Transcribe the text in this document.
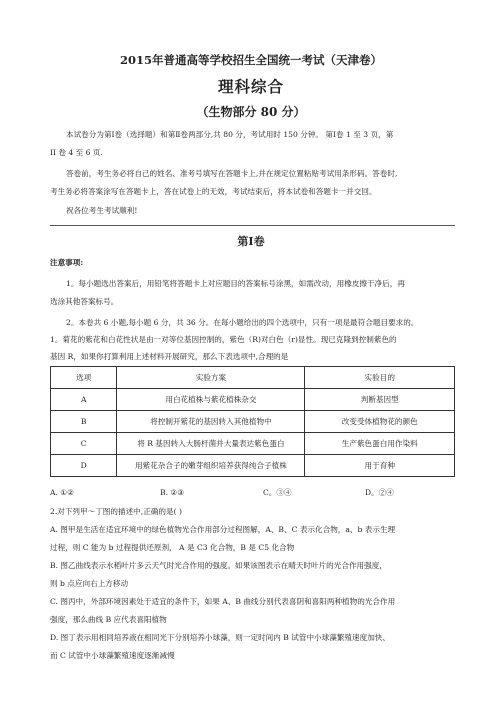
2015年普通高等学校招生全国统一考试（天津卷）
理科综合
（生物部分 80 分）
本试卷分为第Ⅰ卷（选择题）和第Ⅱ卷两部分,共 80 分，考试用时 150 分钟。 第Ⅰ卷 1 至 3 页，第
II 卷 4 至 6 页.
答卷前，考生务必将自己的姓名、准考号填写在答题卡上,并在规定位置粘贴考试用条形码。答卷时,
考生务必将答案涂写在答题卡上，答在试卷上的无效，考试结束后，将本试卷和答题卡一并交回。
祝各位考生考试顺利!
第Ⅰ卷
注意事项:
1。每小题选出答案后，用铅笔将答题卡上对应题目的答案标号涂黑，如需改动，用橡皮擦干净后，再
选涂其他答案标号。
2。本卷共 6 小题,每小题 6 分，共 36 分。在每小题给出的四个选项中，只有一项是最符合题目要求的。
1。菊花的紫花和白花性状是由一对等位基因控制的，紫色（R)对白色（r)显性。现已克隆到控制紫色的
基因 R，如果你打算利用上述材料开展研究，那么下表选项中,合理的是
选项	实验方案	实验目的
A	用白花植株与紫花植株杂交	判断基因型
B	将控制开紫花的基因转入其他植物中	改变受体植物花的颜色
C	将 R 基因转入大肠杆菌并大量表达紫色蛋白	生产紫色蛋白用作染料
D	用紫花杂合子的嫩芽组织培养获得纯合子植株	用于育种
A. ①②	B. ②③	C。③④	D。②④
2.对下列甲～丁图的描述中,正确的是( )
A. 图甲是生活在适宜环境中的绿色植物光合作用部分过程图解，A、B、C 表示化合物，a、b 表示生理
过程，则 C 能为 b 过程提供还原剂， A 是 C3 化合物，B 是 C5 化合物
B. 图乙曲线表示水稻叶片多云天气时光合作用的强度。如果该图表示在晴天时叶片的光合作用强度，
则 b 点应向右上方移动
C. 图丙中，外部环境因素处于适宜的条件下，如果 A、B 曲线分别代表喜阴和喜阳两种植物的光合作用
强度，那么曲线 B 应代表喜阳植物
D. 图丁表示用相同培养液在相同光下分别培养小球藻，则一定时间内 B 试管中小球藻繁殖速度加快、
而 C 试管中小球藻繁殖速度逐渐减慢
